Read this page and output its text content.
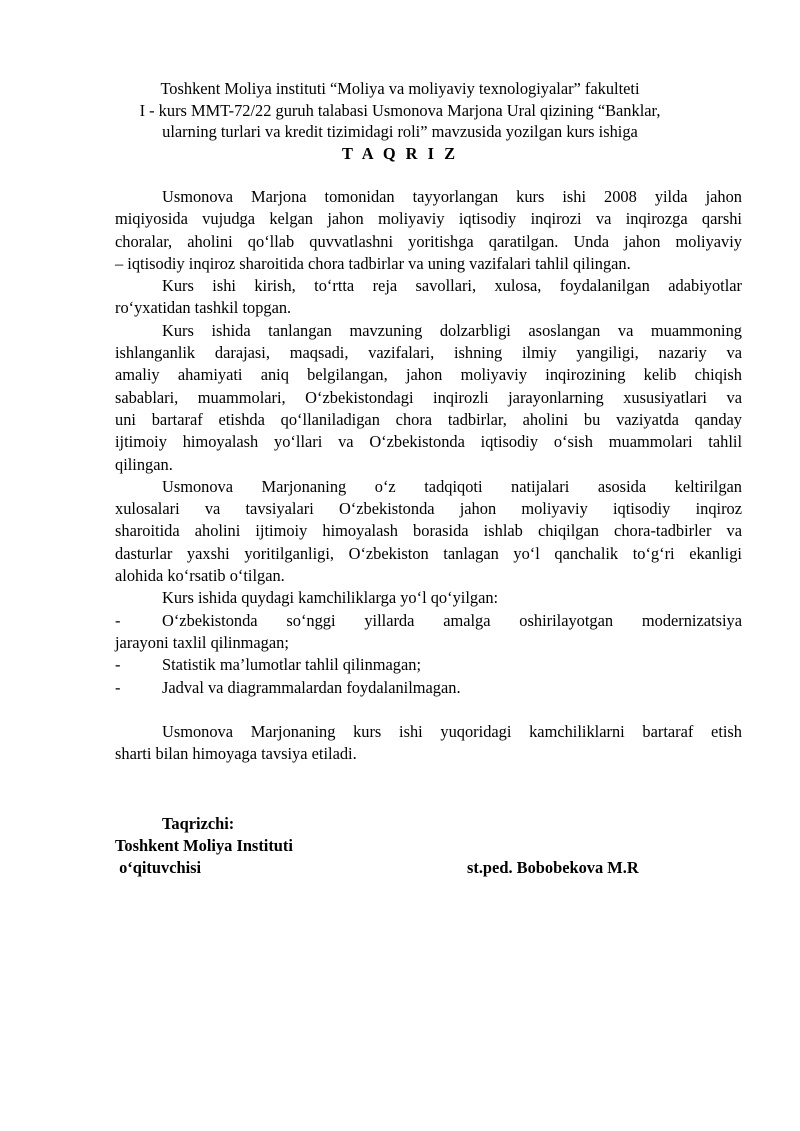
Toshkent Moliya instituti “Moliya va moliyaviy texnologiyalar” fakulteti
I - kurs MMT-72/22 guruh talabasi Usmonova Marjona Ural qizining “Banklar,
ularning turlari va kredit tizimidagi roli” mavzusida yozilgan kurs ishiga
T A Q R I Z
Usmonova Marjona tomonidan tayyorlangan kurs ishi 2008 yilda jahon
miqiyosida vujudga kelgan jahon moliyaviy iqtisodiy inqirozi va inqirozga qarshi
choralar, aholini qo‘llab quvvatlashni yoritishga qaratilgan. Unda jahon moliyaviy
– iqtisodiy inqiroz sharoitida chora tadbirlar va uning vazifalari tahlil qilingan.
Kurs ishi kirish, to‘rtta reja savollari, xulosa, foydalanilgan adabiyotlar
ro‘yxatidan tashkil topgan.
Kurs ishida tanlangan mavzuning dolzarbligi asoslangan va muammoning
ishlanganlik darajasi, maqsadi, vazifalari, ishning ilmiy yangiligi, nazariy va
amaliy ahamiyati aniq belgilangan, jahon moliyaviy inqirozining kelib chiqish
sabablari, muammolari, O‘zbekistondagi inqirozli jarayonlarning xususiyatlari va
uni bartaraf etishda qo‘llaniladigan chora tadbirlar, aholini bu vaziyatda qanday
ijtimoiy himoyalash yo‘llari va O‘zbekistonda iqtisodiy o‘sish muammolari tahlil
qilingan.
Usmonova Marjonaning o‘z tadqiqoti natijalari asosida keltirilgan
xulosalari va tavsiyalari O‘zbekistonda jahon moliyaviy iqtisodiy inqiroz
sharoitida aholini ijtimoiy himoyalash borasida ishlab chiqilgan chora-tadbirler va
dasturlar yaxshi yoritilganligi, O‘zbekiston tanlagan yo‘l qanchalik to‘g‘ri ekanligi
alohida ko‘rsatib o‘tilgan.
Kurs ishida quydagi kamchiliklarga yo‘l qo‘yilgan:
-	O‘zbekistonda so‘nggi yillarda amalga oshirilayotgan modernizatsiya
jarayoni taxlil qilinmagan;
-	Statistik ma’lumotlar tahlil qilinmagan;
-	Jadval va diagrammalardan foydalanilmagan.
Usmonova Marjonaning kurs ishi yuqoridagi kamchiliklarni bartaraf etish
sharti bilan himoyaga tavsiya etiladi.
Taqrizchi:
Toshkent Moliya Instituti
o‘qituvchisi	st.ped. Bobobekova M.R
